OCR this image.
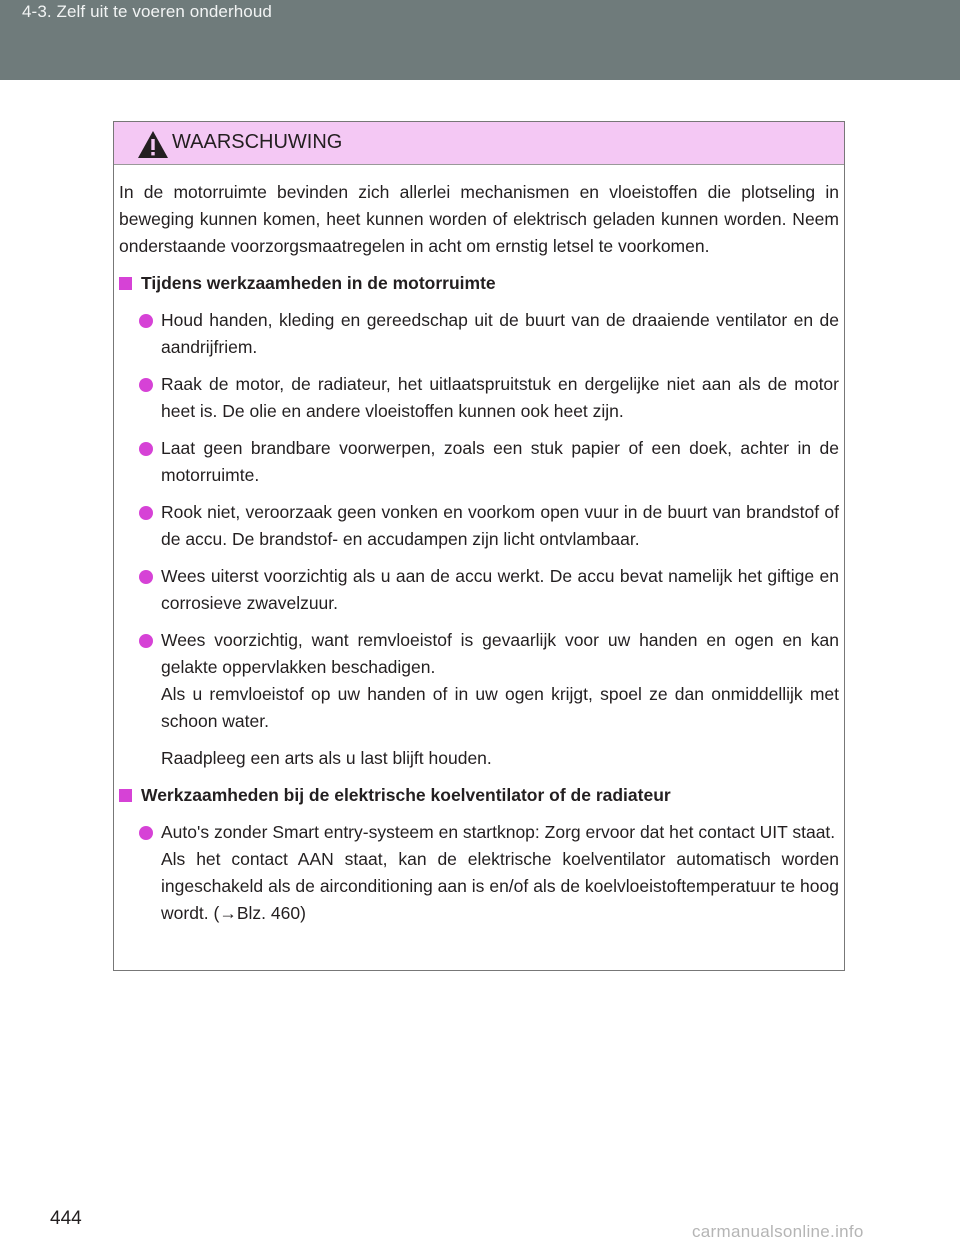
4-3. Zelf uit te voeren onderhoud
WAARSCHUWING

In de motorruimte bevinden zich allerlei mechanismen en vloeistoffen die plotseling in beweging kunnen komen, heet kunnen worden of elektrisch geladen kunnen worden. Neem onderstaande voorzorgsmaatregelen in acht om ernstig letsel te voorkomen.

Tijdens werkzaamheden in de motorruimte
Houd handen, kleding en gereedschap uit de buurt van de draaiende ventilator en de aandrijfriem.
Raak de motor, de radiateur, het uitlaatspruitstuk en dergelijke niet aan als de motor heet is. De olie en andere vloeistoffen kunnen ook heet zijn.
Laat geen brandbare voorwerpen, zoals een stuk papier of een doek, achter in de motorruimte.
Rook niet, veroorzaak geen vonken en voorkom open vuur in de buurt van brandstof of de accu. De brandstof- en accudampen zijn licht ontvlambaar.
Wees uiterst voorzichtig als u aan de accu werkt. De accu bevat namelijk het giftige en corrosieve zwavelzuur.
Wees voorzichtig, want remvloeistof is gevaarlijk voor uw handen en ogen en kan gelakte oppervlakken beschadigen.

Als u remvloeistof op uw handen of in uw ogen krijgt, spoel ze dan onmiddellijk met schoon water.

Raadpleeg een arts als u last blijft houden.

Werkzaamheden bij de elektrische koelventilator of de radiateur
Auto's zonder Smart entry-systeem en startknop: Zorg ervoor dat het contact UIT staat.

Als het contact AAN staat, kan de elektrische koelventilator automatisch worden ingeschakeld als de airconditioning aan is en/of als de koelvloeistoftemperatuur te hoog wordt. (→Blz. 460)

444
carmanualsonline.info
